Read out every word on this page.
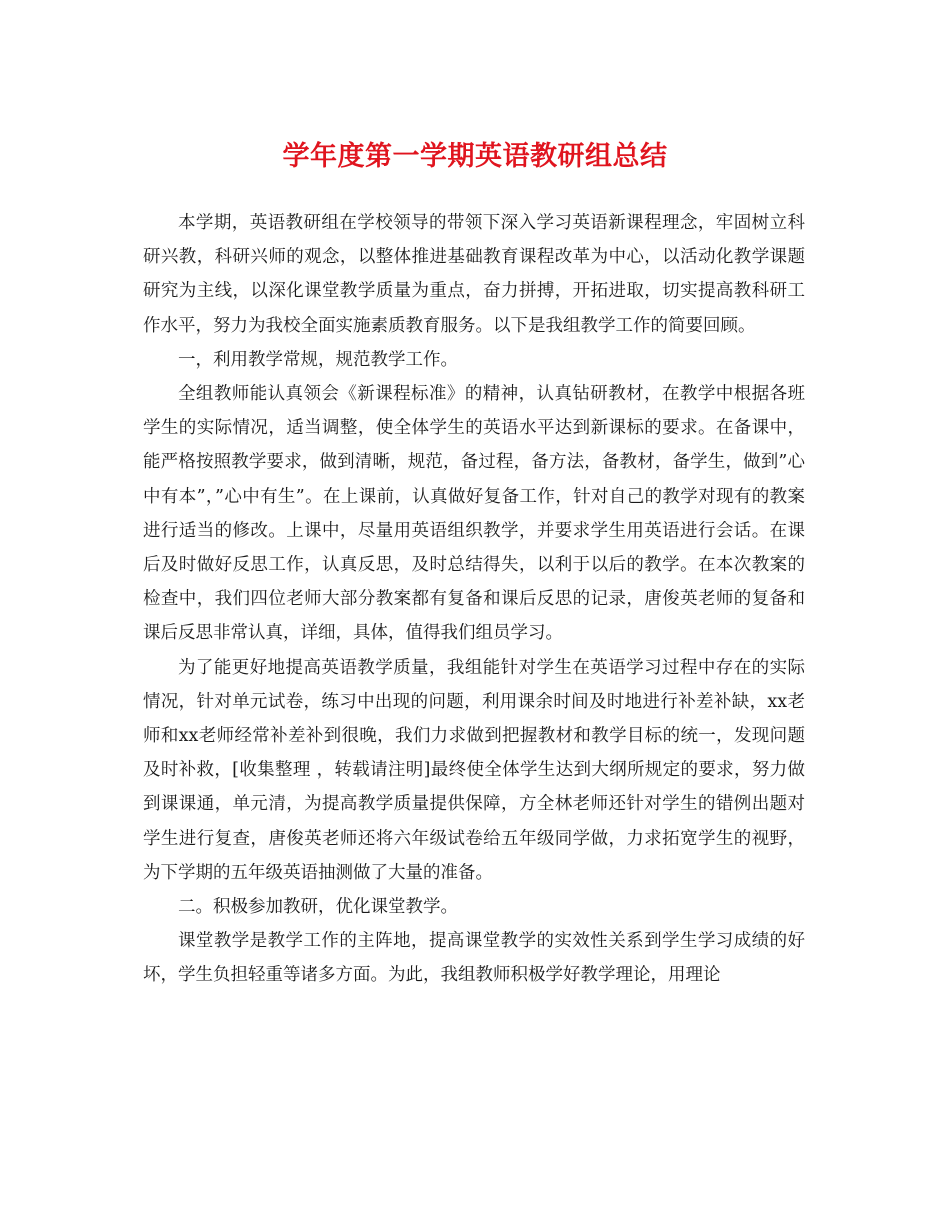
学年度第一学期英语教研组总结

本学期，英语教研组在学校领导的带领下深入学习英语新课程理念，牢固树立科研兴教，科研兴师的观念，以整体推进基础教育课程改革为中心，以活动化教学课题研究为主线，以深化课堂教学质量为重点，奋力拼搏，开拓进取，切实提高教科研工作水平，努力为我校全面实施素质教育服务。以下是我组教学工作的简要回顾。

一，利用教学常规，规范教学工作。

全组教师能认真领会《新课程标准》的精神，认真钻研教材，在教学中根据各班学生的实际情况，适当调整，使全体学生的英语水平达到新课标的要求。在备课中，能严格按照教学要求，做到清晰，规范，备过程，备方法，备教材，备学生，做到”心中有本”，”心中有生”。在上课前，认真做好复备工作，针对自己的教学对现有的教案进行适当的修改。上课中，尽量用英语组织教学，并要求学生用英语进行会话。在课后及时做好反思工作，认真反思，及时总结得失，以利于以后的教学。在本次教案的检查中，我们四位老师大部分教案都有复备和课后反思的记录，唐俊英老师的复备和课后反思非常认真，详细，具体，值得我们组员学习。

为了能更好地提高英语教学质量，我组能针对学生在英语学习过程中存在的实际情况，针对单元试卷，练习中出现的问题，利用课余时间及时地进行补差补缺，xx老师和xx老师经常补差补到很晚，我们力求做到把握教材和教学目标的统一，发现问题及时补救，[收集整理 ，转载请注明]最终使全体学生达到大纲所规定的要求，努力做到课课通，单元清，为提高教学质量提供保障，方全林老师还针对学生的错例出题对学生进行复查，唐俊英老师还将六年级试卷给五年级同学做，力求拓宽学生的视野，为下学期的五年级英语抽测做了大量的准备。

二。积极参加教研，优化课堂教学。

课堂教学是教学工作的主阵地，提高课堂教学的实效性关系到学生学习成绩的好坏，学生负担轻重等诸多方面。为此，我组教师积极学好教学理论，用理论
